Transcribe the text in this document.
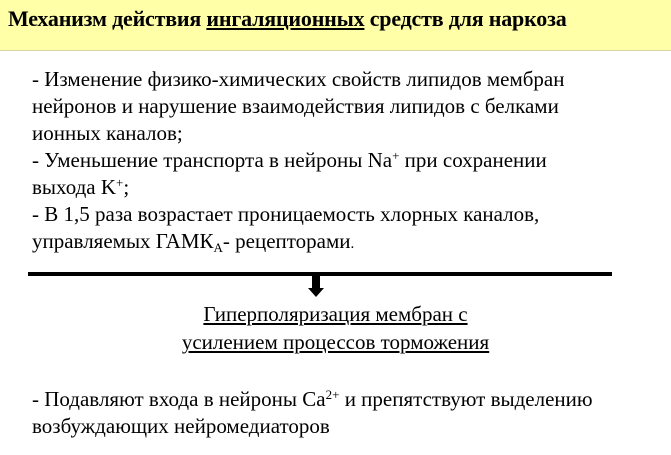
Механизм действия ингаляционных средств для наркоза
- Изменение физико-химических свойств липидов мембран
нейронов и нарушение взаимодействия липидов с белками
ионных каналов;
- Уменьшение транспорта в нейроны Na+ при сохранении
выхода K+;
- В 1,5 раза возрастает проницаемость хлорных каналов,
управляемых $ГАМК_А-$ рецепторами.
Гиперполяризация мембран с
усилением процессов торможения
- Подавляют входа в нейроны $Са^{2+}$ и препятствуют выделению
возбуждающих нейромедиаторов
